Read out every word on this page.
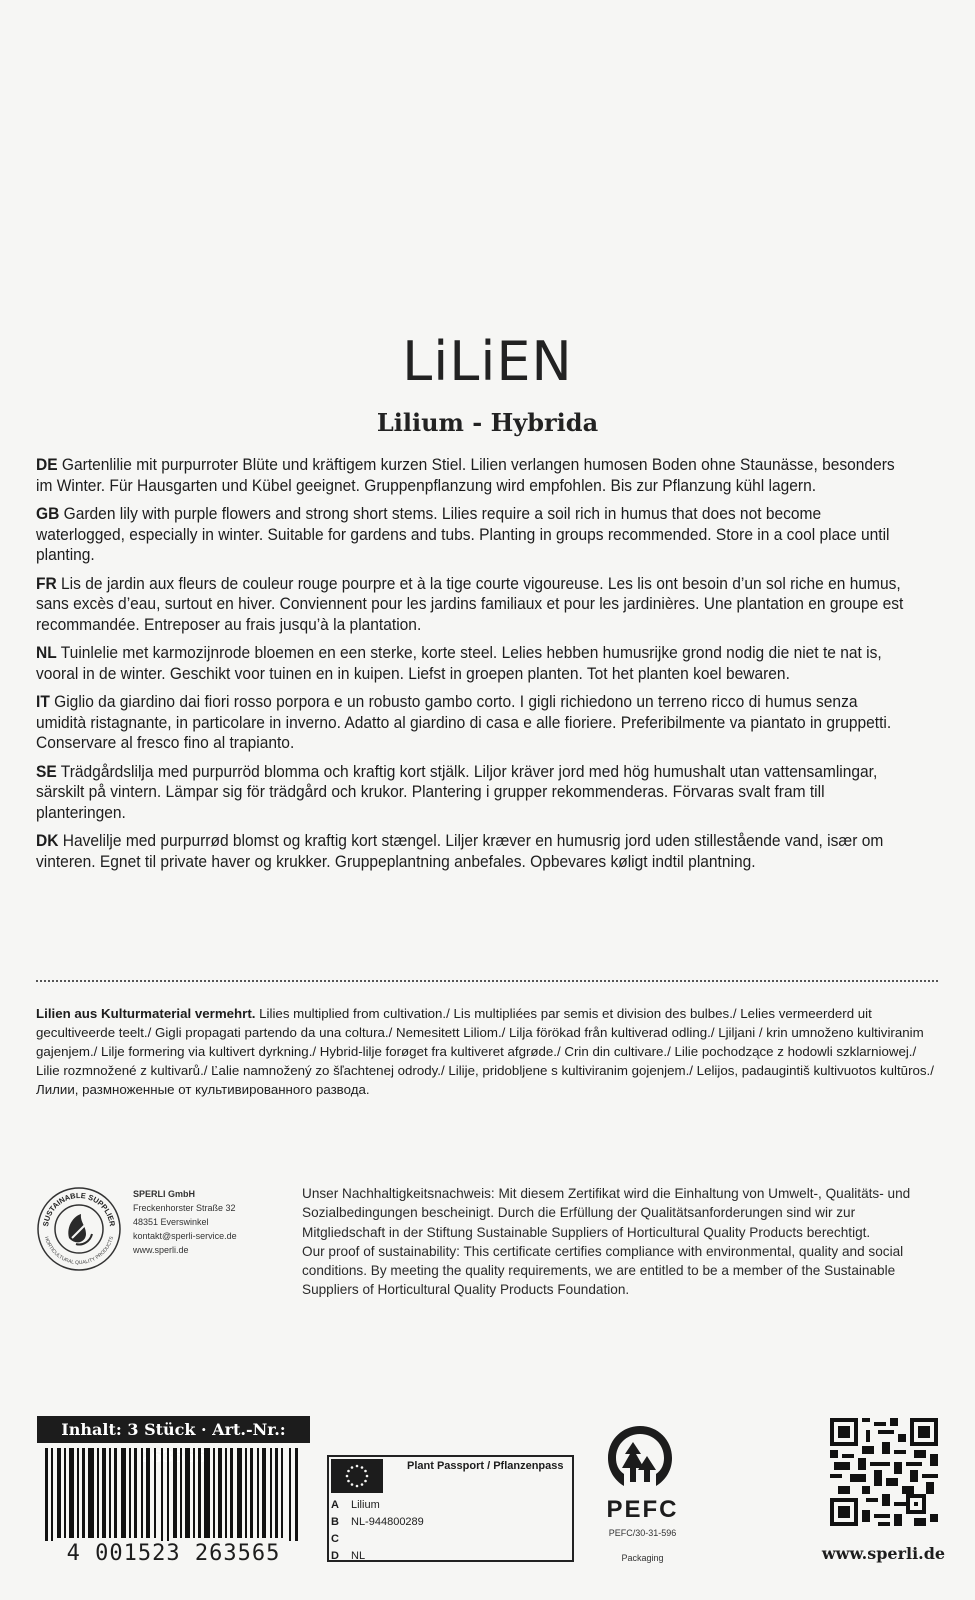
LiLiEN
Lilium - Hybrida

DE Gartenlilie mit purpurroter Blüte und kräftigem kurzen Stiel. Lilien verlangen humosen Boden ohne Staunässe, besonders im Winter. Für Hausgarten und Kübel geeignet. Gruppenpflanzung wird empfohlen. Bis zur Pflanzung kühl lagern.

GB Garden lily with purple flowers and strong short stems. Lilies require a soil rich in humus that does not become waterlogged, especially in winter. Suitable for gardens and tubs. Planting in groups recommended. Store in a cool place until planting.

FR Lis de jardin aux fleurs de couleur rouge pourpre et à la tige courte vigoureuse. Les lis ont besoin d’un sol riche en humus, sans excès d’eau, surtout en hiver. Conviennent pour les jardins familiaux et pour les jardinières. Une plantation en groupe est recommandée. Entreposer au frais jusqu’à la plantation.

NL Tuinlelie met karmozijnrode bloemen en een sterke, korte steel. Lelies hebben humusrijke grond nodig die niet te nat is, vooral in de winter. Geschikt voor tuinen en in kuipen. Liefst in groepen planten. Tot het planten koel bewaren.

IT Giglio da giardino dai fiori rosso porpora e un robusto gambo corto. I gigli richiedono un terreno ricco di humus senza umidità ristagnante, in particolare in inverno. Adatto al giardino di casa e alle fioriere. Preferibilmente va piantato in gruppetti. Conservare al fresco fino al trapianto.

SE Trädgårdslilja med purpurröd blomma och kraftig kort stjälk. Liljor kräver jord med hög humushalt utan vattensamlingar, särskilt på vintern. Lämpar sig för trädgård och krukor. Plantering i grupper rekommenderas. Förvaras svalt fram till planteringen.

DK Havelilje med purpurrød blomst og kraftig kort stængel. Liljer kræver en humusrig jord uden stillestående vand, især om vinteren. Egnet til private haver og krukker. Gruppeplantning anbefales. Opbevares køligt indtil plantning.

Lilien aus Kulturmaterial vermehrt. Lilies multiplied from cultivation./ Lis multipliées par semis et division des bulbes./ Lelies vermeerderd uit gecultiveerde teelt./ Gigli propagati partendo da una coltura./ Nemesitett Liliom./ Lilja förökad från kultiverad odling./ Ljiljani / krin umnoženo kultiviranim gajenjem./ Lilje formering via kultivert dyrkning./ Hybrid-lilje forøget fra kultiveret afgrøde./ Crin din cultivare./ Lilie pochodzące z hodowli szklarniowej./ Lilie rozmnožené z kultivarů./ Ľalie namnožený zo šľachtenej odrody./ Lilije, pridobljene s kultiviranim gojenjem./ Lelijos, padaugintiš kultivuotos kultūros./ Лилии, размноженные от культивированного развода.
SUSTAINABLE SUPPLIER
HORTICULTURAL QUALITY PRODUCTS
SPERLI GmbH
Freckenhorster Straße 32
48351 Everswinkel
kontakt@sperli-service.de
www.sperli.de

Unser Nachhaltigkeitsnachweis: Mit diesem Zertifikat wird die Einhaltung von Umwelt-, Qualitäts- und Sozialbedingungen bescheinigt. Durch die Erfüllung der Qualitätsanforderungen sind wir zur Mitgliedschaft in der Stiftung Sustainable Suppliers of Horticultural Quality Products berechtigt.

Our proof of sustainability: This certificate certifies compliance with environmental, quality and social conditions. By meeting the quality requirements, we are entitled to be a member of the Sustainable Suppliers of Horticultural Quality Products Foundation.

Inhalt: 3 Stück · Art.-Nr.:
4 001523 263565
Plant Passport / Pflanzenpass
A Lilium
B NL-944800289
C
D NL
PEFC
PEFC/30-31-596
Packaging	www.sperli.de
